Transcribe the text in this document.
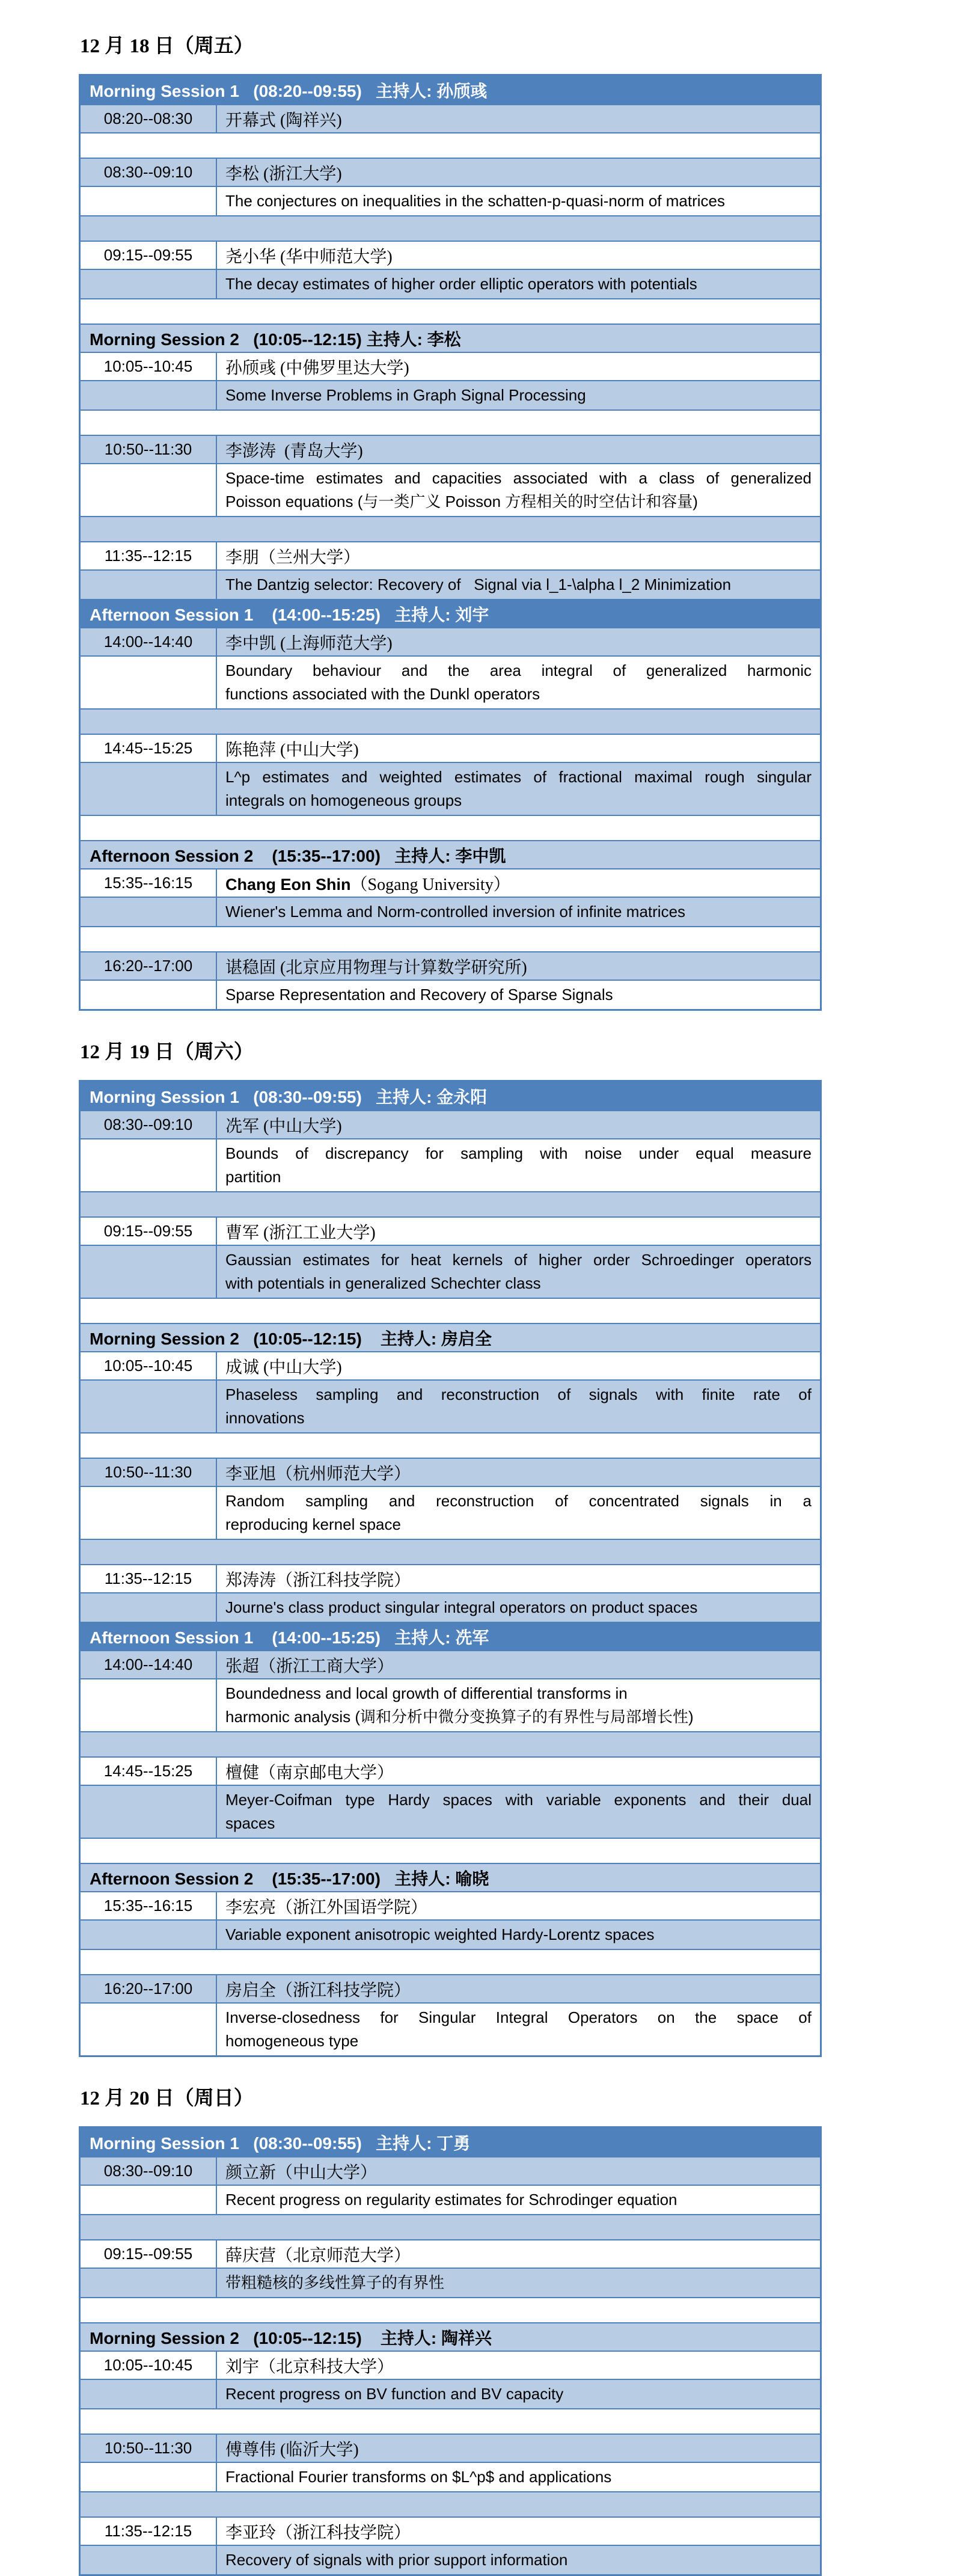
12 月 18 日（周五）
Morning Session 1   (08:20--09:55)   主持人: 孙颀彧
08:20--08:30 开幕式 (陶祥兴)
08:30--09:10 李松 (浙江大学)
The conjectures on inequalities in the schatten-p-quasi-norm of matrices
09:15--09:55 尧小华 (华中师范大学)
The decay estimates of higher order elliptic operators with potentials
Morning Session 2   (10:05--12:15) 主持人: 李松
10:05--10:45 孙颀彧 (中佛罗里达大学)
Some Inverse Problems in Graph Signal Processing
10:50--11:30 李澎涛  (青岛大学)
Space-time estimates and capacities associated with a class of generalized
Poisson equations (与一类广义 Poisson 方程相关的时空估计和容量)
11:35--12:15 李朋（兰州大学）
The Dantzig selector: Recovery of   Signal via l_1-\alpha l_2 Minimization
Afternoon Session 1    (14:00--15:25)   主持人: 刘宇
14:00--14:40 李中凯 (上海师范大学)
Boundary behaviour and the area integral of generalized harmonic
functions associated with the Dunkl operators
14:45--15:25 陈艳萍 (中山大学)
L^p estimates and weighted estimates of fractional maximal rough singular
integrals on homogeneous groups
Afternoon Session 2    (15:35--17:00)   主持人: 李中凯
15:35--16:15 Chang Eon Shin（Sogang University）
Wiener's Lemma and Norm-controlled inversion of infinite matrices
16:20--17:00 谌稳固 (北京应用物理与计算数学研究所)
Sparse Representation and Recovery of Sparse Signals
12 月 19 日（周六）
Morning Session 1   (08:30--09:55)   主持人: 金永阳
08:30--09:10 冼军 (中山大学)
Bounds of discrepancy for sampling with noise under equal measure
partition
09:15--09:55 曹军 (浙江工业大学)
Gaussian estimates for heat kernels of higher order Schroedinger operators
with potentials in generalized Schechter class
Morning Session 2   (10:05--12:15)    主持人: 房启全
10:05--10:45 成诚 (中山大学)
Phaseless sampling and reconstruction of signals with finite rate of
innovations
10:50--11:30 李亚旭（杭州师范大学）
Random sampling and reconstruction of concentrated signals in a
reproducing kernel space
11:35--12:15 郑涛涛（浙江科技学院）
Journe's class product singular integral operators on product spaces
Afternoon Session 1    (14:00--15:25)   主持人: 冼军
14:00--14:40 张超（浙江工商大学）
Boundedness and local growth of differential transforms in
harmonic analysis (调和分析中微分变换算子的有界性与局部增长性)
14:45--15:25 檀健（南京邮电大学）
Meyer-Coifman type Hardy spaces with variable exponents and their dual
spaces
Afternoon Session 2    (15:35--17:00)   主持人: 喻晓
15:35--16:15 李宏亮（浙江外国语学院）
Variable exponent anisotropic weighted Hardy-Lorentz spaces
16:20--17:00 房启全（浙江科技学院）
Inverse-closedness for Singular Integral Operators on the space of
homogeneous type
12 月 20 日（周日）
Morning Session 1   (08:30--09:55)   主持人: 丁勇
08:30--09:10 颜立新（中山大学）
Recent progress on regularity estimates for Schrodinger equation
09:15--09:55 薛庆营（北京师范大学）
带粗糙核的多线性算子的有界性
Morning Session 2   (10:05--12:15)    主持人: 陶祥兴
10:05--10:45 刘宇（北京科技大学）
Recent progress on BV function and BV capacity
10:50--11:30 傅尊伟 (临沂大学)
Fractional Fourier transforms on $L^p$ and applications
11:35--12:15 李亚玲（浙江科技学院）
Recovery of signals with prior support information
